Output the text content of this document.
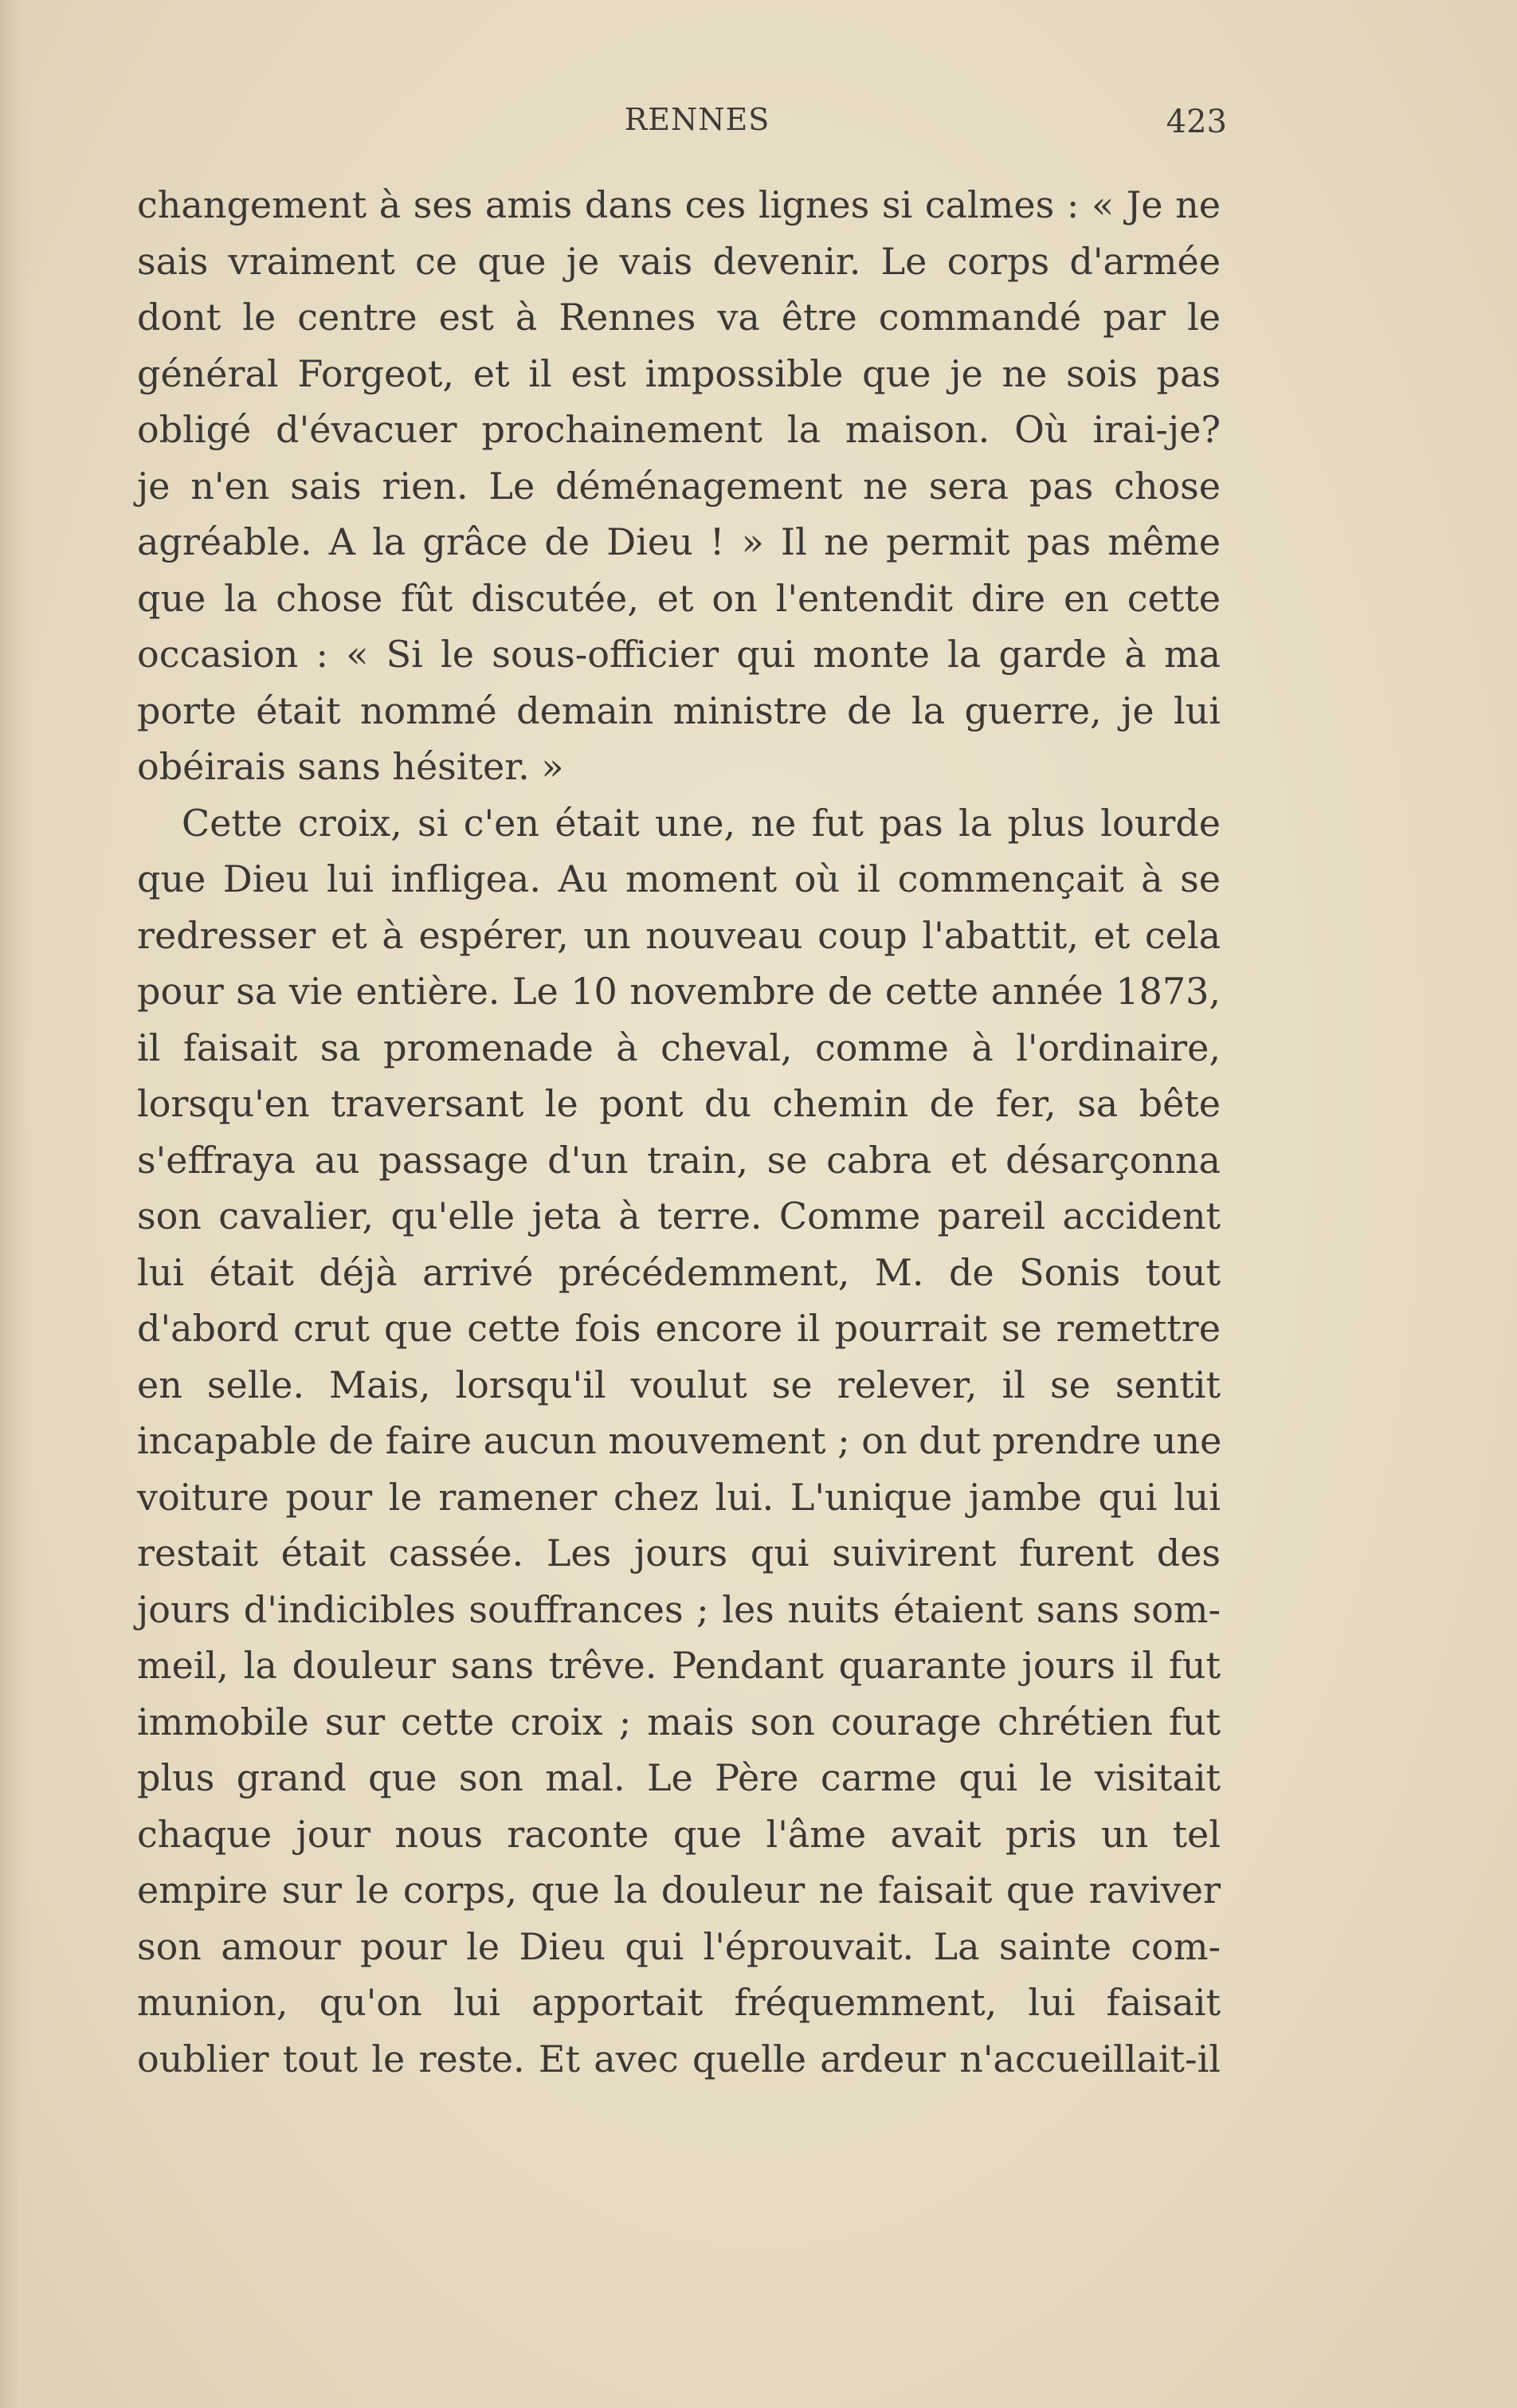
RENNES	423
changement à ses amis dans ces lignes si calmes : « Je ne
sais vraiment ce que je vais devenir. Le corps d'armée
dont le centre est à Rennes va être commandé par le
général Forgeot, et il est impossible que je ne sois pas
obligé d'évacuer prochainement la maison. Où irai-je?
je n'en sais rien. Le déménagement ne sera pas chose
agréable. A la grâce de Dieu ! » Il ne permit pas même
que la chose fût discutée, et on l'entendit dire en cette
occasion : « Si le sous-officier qui monte la garde à ma
porte était nommé demain ministre de la guerre, je lui
obéirais sans hésiter. »
Cette croix, si c'en était une, ne fut pas la plus lourde
que Dieu lui infligea. Au moment où il commençait à se
redresser et à espérer, un nouveau coup l'abattit, et cela
pour sa vie entière. Le 10 novembre de cette année 1873,
il faisait sa promenade à cheval, comme à l'ordinaire,
lorsqu'en traversant le pont du chemin de fer, sa bête
s'effraya au passage d'un train, se cabra et désarçonna
son cavalier, qu'elle jeta à terre. Comme pareil accident
lui était déjà arrivé précédemment, M. de Sonis tout
d'abord crut que cette fois encore il pourrait se remettre
en selle. Mais, lorsqu'il voulut se relever, il se sentit
incapable de faire aucun mouvement ; on dut prendre une
voiture pour le ramener chez lui. L'unique jambe qui lui
restait était cassée. Les jours qui suivirent furent des
jours d'indicibles souffrances ; les nuits étaient sans som-
meil, la douleur sans trêve. Pendant quarante jours il fut
immobile sur cette croix ; mais son courage chrétien fut
plus grand que son mal. Le Père carme qui le visitait
chaque jour nous raconte que l'âme avait pris un tel
empire sur le corps, que la douleur ne faisait que raviver
son amour pour le Dieu qui l'éprouvait. La sainte com-
munion, qu'on lui apportait fréquemment, lui faisait
oublier tout le reste. Et avec quelle ardeur n'accueillait-il
